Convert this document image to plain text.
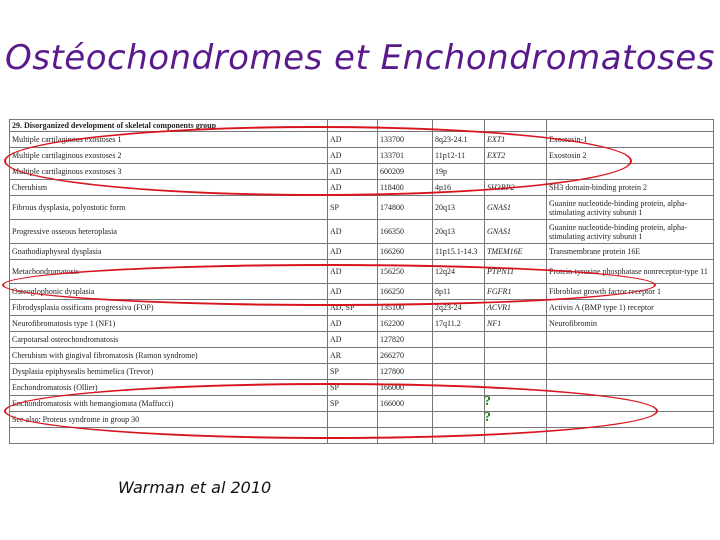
Ostéochondromes et Enchondromatoses
29. Disorganized development of skeletal components group					
Multiple cartilaginous exostoses 1	AD	133700	8q23-24.1	EXT1	Exostosin-1
Multiple cartilaginous exostoses 2	AD	133701	11p12-11	EXT2	Exostosin 2
Multiple cartilaginous exostoses 3	AD	600209	19p		
Cherubism	AD	118400	4p16	SH3BP2	SH3 domain-binding protein 2
Fibrous dysplasia, polyostotic form	SP	174800	20q13	GNAS1	Guanine nucleotide-binding protein, alpha-stimulating activity subunit 1
Progressive osseous heteroplasia	AD	166350	20q13	GNAS1	Guanine nucleotide-binding protein, alpha-stimulating activity subunit 1
Gnathodiaphyseal dysplasia	AD	166260	11p15.1-14.3	TMEM16E	Transmembrane protein 16E
Metachondromatosis	AD	156250	12q24	PTPN11	Protein-tyrosine phosphatase nonreceptor-type 11
Osteoglophonic dysplasia	AD	166250	8p11	FGFR1	Fibroblast growth factor receptor 1
Fibrodysplasia ossificans progressiva (FOP)	AD, SP	135100	2q23-24	ACVR1	Activin A (BMP type 1) receptor
Neurofibromatosis type 1 (NF1)	AD	162200	17q11.2	NF1	Neurofibromin
Carpotarsal osteochondromatosis	AD	127820			
Cherubism with gingival fibromatosis (Ramon syndrome)	AR	266270			
Dysplasia epiphysealis hemimelica (Trevor)	SP	127800			
Enchondromatosis (Ollier)	SP	166000			
Enchondromatosis with hemangiomata (Maffucci)	SP	166000			
See also: Proteus syndrome in group 30					

?
?
Warman et al 2010
